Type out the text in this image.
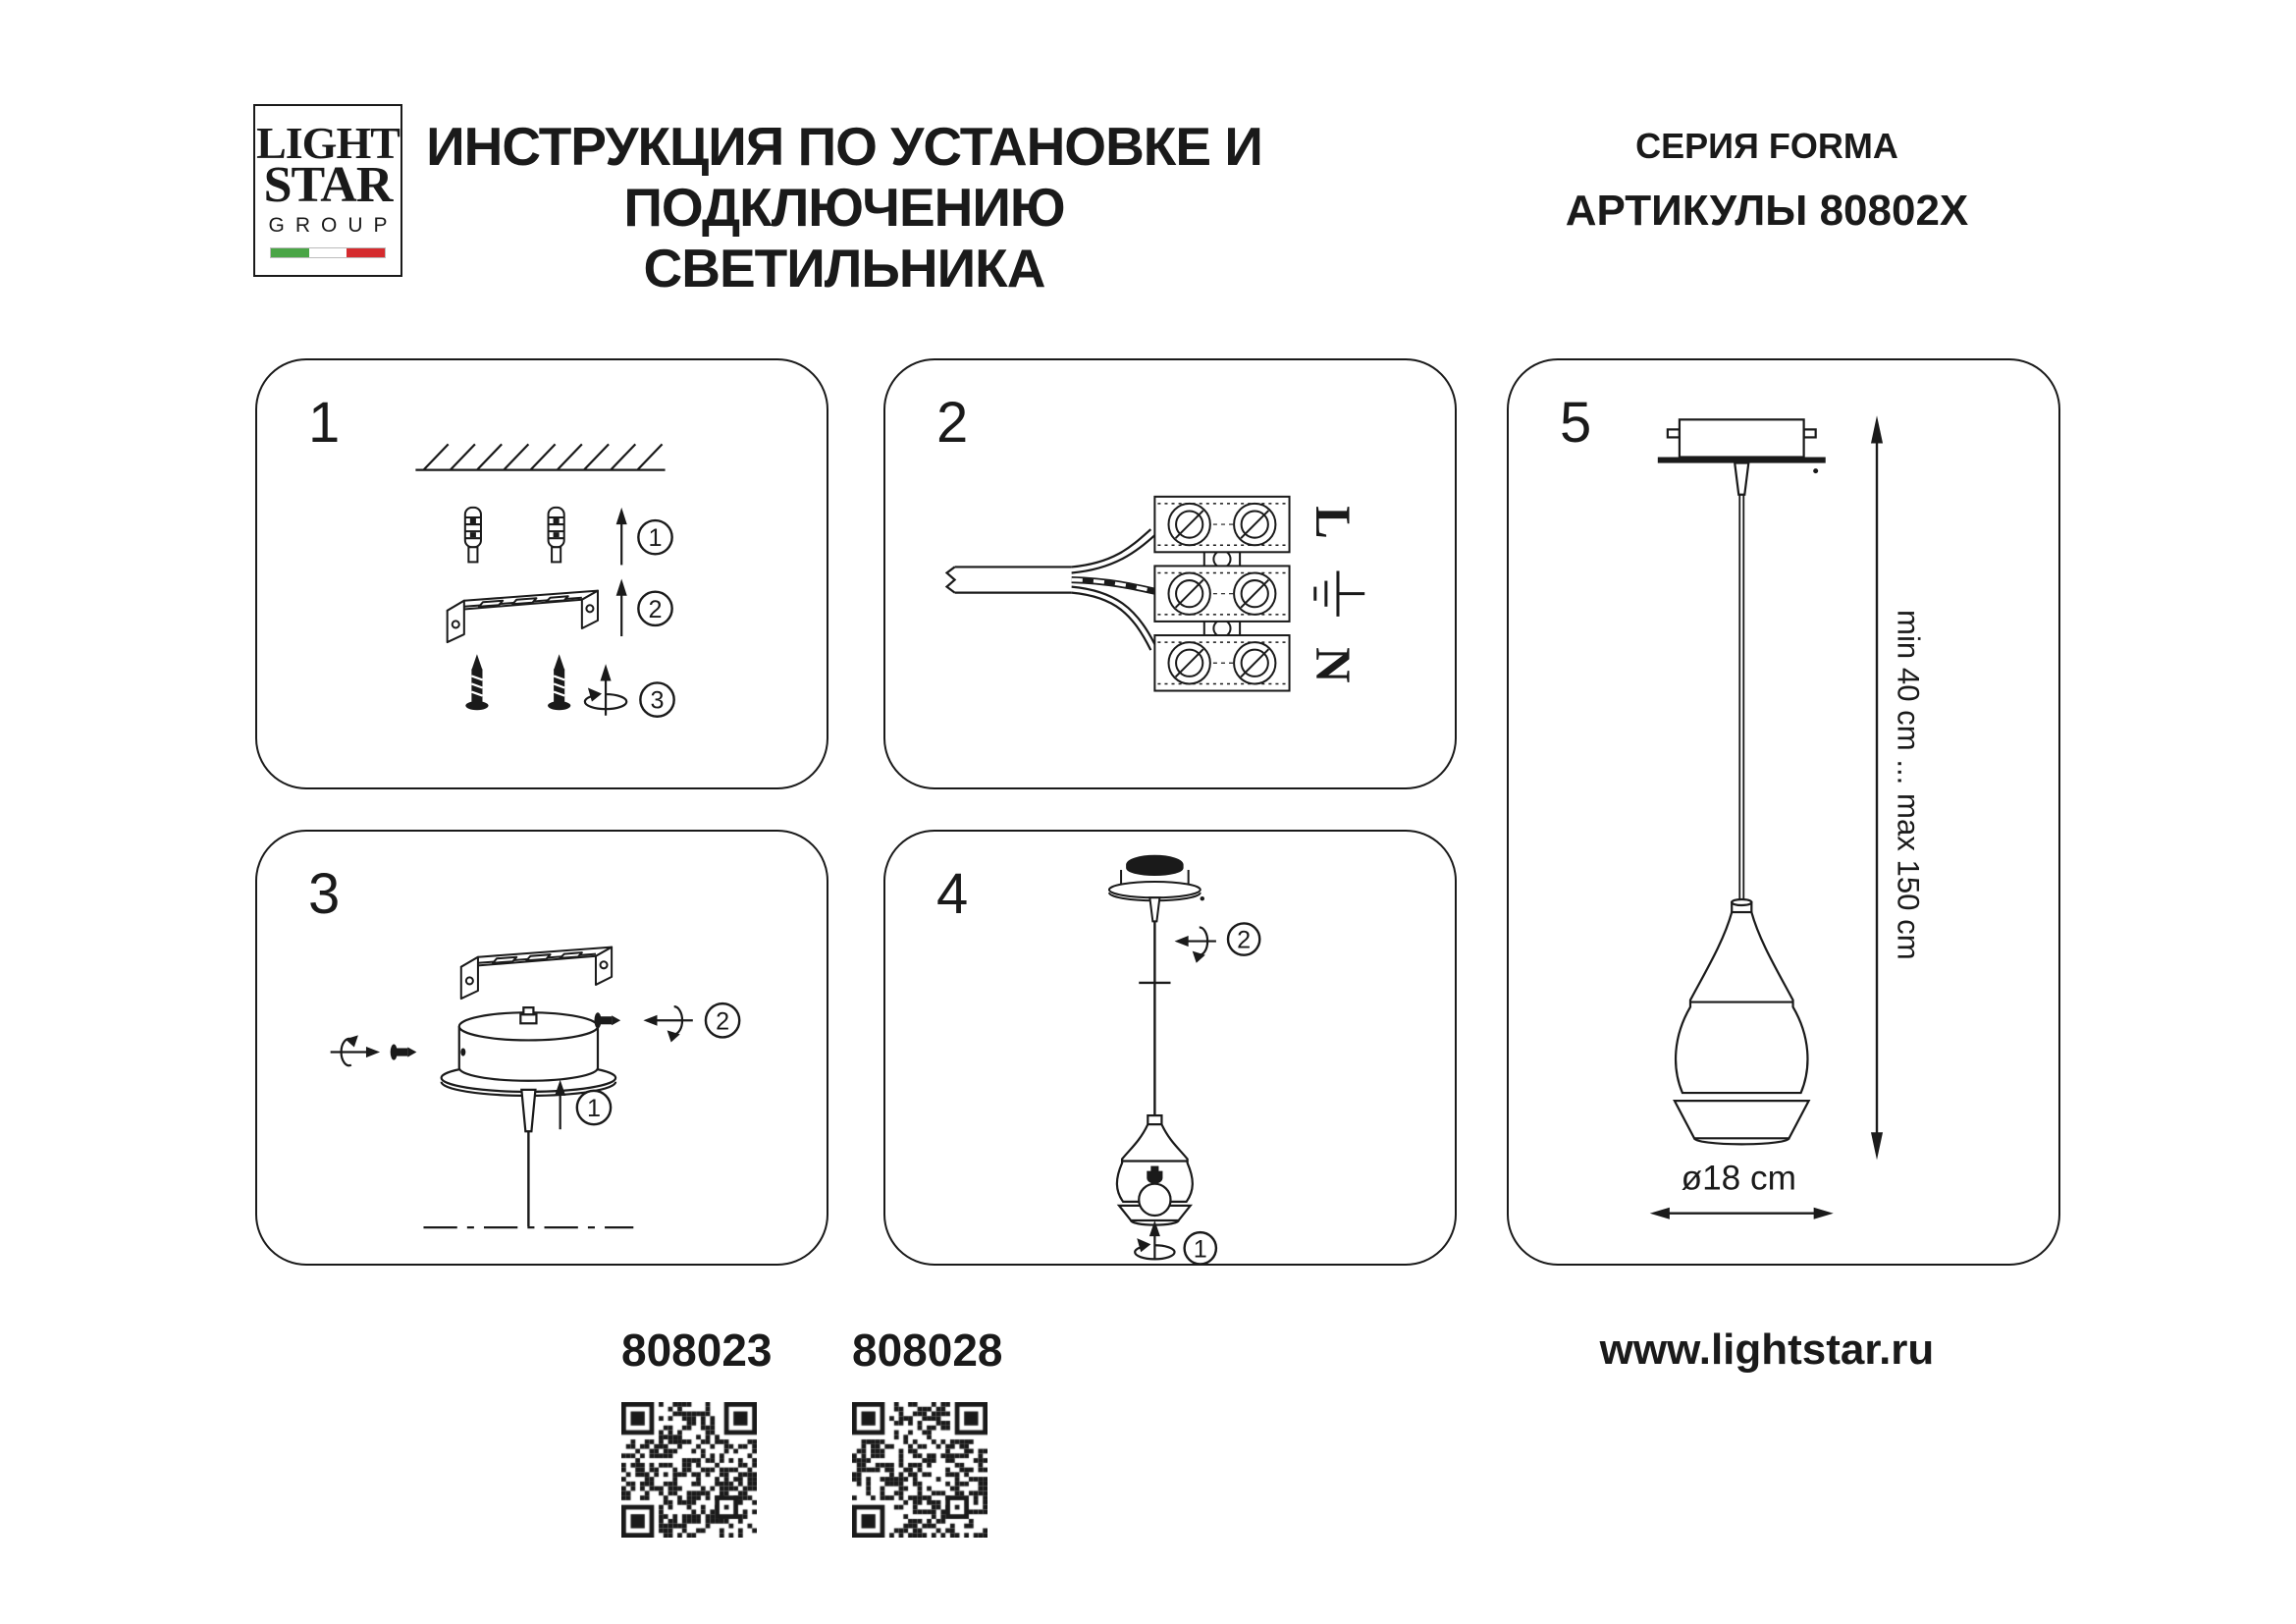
LIGHT
STAR
GROUP
ИНСТРУКЦИЯ ПО УСТАНОВКЕ И
ПОДКЛЮЧЕНИЮ СВЕТИЛЬНИКА
СЕРИЯ FORMA
АРТИКУЛЫ 80802X
1
1
2
3
2
L
N
3
2
1
4
2
1
5
min 40 cm ... max 150 cm
ø18 cm
808023 808028	www.lightstar.ru
